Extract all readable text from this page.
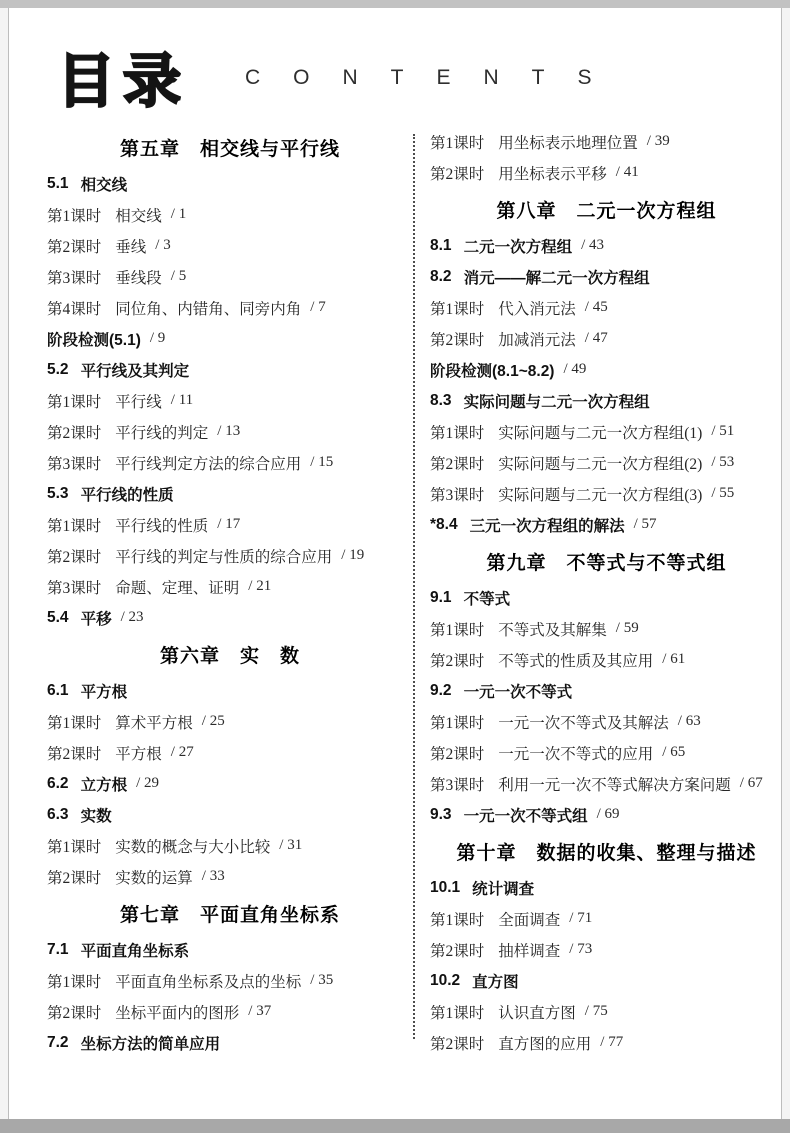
目录	CONTENTS
第五章　相交线与平行线
5.1 相交线
第1课时 相交线 / 1
第2课时 垂线 / 3
第3课时 垂线段 / 5
第4课时 同位角、内错角、同旁内角 / 7
阶段检测(5.1) / 9
5.2 平行线及其判定
第1课时 平行线 / 11
第2课时 平行线的判定 / 13
第3课时 平行线判定方法的综合应用 / 15
5.3 平行线的性质
第1课时 平行线的性质 / 17
第2课时 平行线的判定与性质的综合应用 / 19
第3课时 命题、定理、证明 / 21
5.4 平移 / 23
第六章　实　数
6.1 平方根
第1课时 算术平方根 / 25
第2课时 平方根 / 27
6.2 立方根 / 29
6.3 实数
第1课时 实数的概念与大小比较 / 31
第2课时 实数的运算 / 33
第七章　平面直角坐标系
7.1 平面直角坐标系
第1课时 平面直角坐标系及点的坐标 / 35
第2课时 坐标平面内的图形 / 37
7.2 坐标方法的简单应用
第1课时 用坐标表示地理位置 / 39
第2课时 用坐标表示平移 / 41
第八章　二元一次方程组
8.1 二元一次方程组 / 43
8.2 消元——解二元一次方程组
第1课时 代入消元法 / 45
第2课时 加减消元法 / 47
阶段检测(8.1~8.2) / 49
8.3 实际问题与二元一次方程组
第1课时 实际问题与二元一次方程组(1) / 51
第2课时 实际问题与二元一次方程组(2) / 53
第3课时 实际问题与二元一次方程组(3) / 55
*8.4 三元一次方程组的解法 / 57
第九章　不等式与不等式组
9.1 不等式
第1课时 不等式及其解集 / 59
第2课时 不等式的性质及其应用 / 61
9.2 一元一次不等式
第1课时 一元一次不等式及其解法 / 63
第2课时 一元一次不等式的应用 / 65
第3课时 利用一元一次不等式解决方案问题 / 67
9.3 一元一次不等式组 / 69
第十章　数据的收集、整理与描述
10.1 统计调查
第1课时 全面调查 / 71
第2课时 抽样调查 / 73
10.2 直方图
第1课时 认识直方图 / 75
第2课时 直方图的应用 / 77
